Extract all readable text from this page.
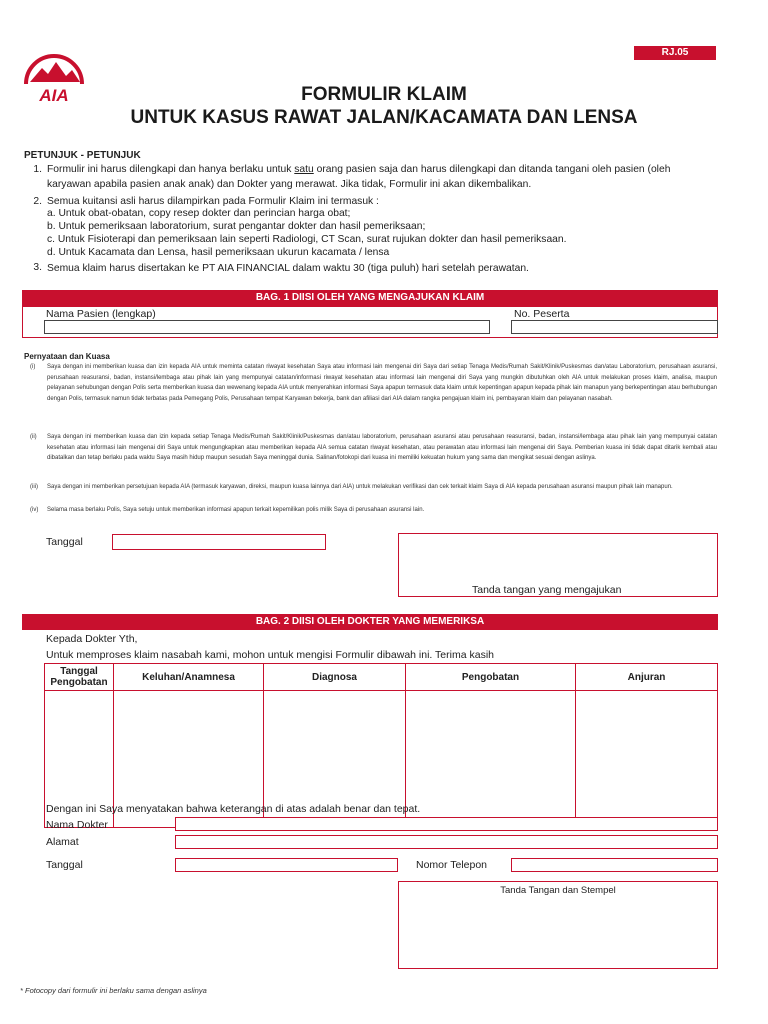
AIA
RJ.05
FORMULIR KLAIM
UNTUK KASUS RAWAT JALAN/KACAMATA DAN LENSA
PETUNJUK - PETUNJUK
1. Formulir ini harus dilengkapi dan hanya berlaku untuk satu orang pasien saja dan harus dilengkapi dan ditanda tangani oleh pasien (oleh
karyawan apabila pasien anak anak) dan Dokter yang merawat. Jika tidak, Formulir ini akan dikembalikan.
2. Semua kuitansi asli harus dilampirkan pada Formulir Klaim ini termasuk :
a. Untuk obat-obatan, copy resep dokter dan perincian harga obat;
b. Untuk pemeriksaan laboratorium, surat pengantar dokter dan hasil pemeriksaan;
c. Untuk Fisioterapi dan pemeriksaan lain seperti Radiologi, CT Scan, surat rujukan dokter dan hasil pemeriksaan.
d. Untuk Kacamata dan Lensa, hasil pemeriksaan ukurun kacamata / lensa
3. Semua klaim harus disertakan ke PT AIA FINANCIAL dalam waktu 30 (tiga puluh) hari setelah perawatan.
BAG. 1 DIISI OLEH YANG MENGAJUKAN KLAIM
Nama Pasien (lengkap)	No. Peserta
Pernyataan dan Kuasa
(i) Saya dengan ini memberikan kuasa dan izin kepada AIA untuk meminta catatan riwayat kesehatan Saya atau informasi lain mengenai diri Saya dari setiap Tenaga Medis/Rumah Sakit/Klinik/Puskesmas dan/atau Laboratorium, perusahaan asuransi, perusahaan reasuransi, badan, instansi/lembaga atau pihak lain yang mempunyai catatan/informasi riwayat kesehatan atau informasi lain mengenai diri Saya yang mungkin dibutuhkan oleh AIA untuk melakukan proses klaim, analisa, maupun pelayanan sehubungan dengan Polis serta memberikan kuasa dan wewenang kepada AIA untuk menyerahkan informasi Saya apapun termasuk data klaim untuk kepentingan apapun kepada pihak lain manapun yang berkepentingan atau berhubungan dengan Polis, termasuk namun tidak terbatas pada Pemegang Polis, Perusahaan tempat Karyawan bekerja, bank dan afiliasi dari AIA dalam rangka pengajuan klaim ini, pembayaran klaim dan pelayanan nasabah.
(ii) Saya dengan ini memberikan kuasa dan izin kepada setiap Tenaga Medis/Rumah Sakit/Klinik/Puskesmas dan/atau laboratorium, perusahaan asuransi atau perusahaan reasuransi, badan, instansi/lembaga atau pihak lain yang mempunyai catatan kesehatan atau informasi lain mengenai diri Saya untuk mengungkapkan atau memberikan kepada AIA semua catatan riwayat kesehatan, atau perawatan atau informasi lain mengenai diri Saya. Pemberian kuasa ini tidak dapat ditarik kembali atau dibatalkan dan tetap berlaku pada waktu Saya masih hidup maupun sesudah Saya meninggal dunia. Salinan/fotokopi dari kuasa ini memiliki kekuatan hukum yang sama dan mengikat sesuai dengan aslinya.
(iii) Saya dengan ini memberikan persetujuan kepada AIA (termasuk karyawan, direksi, maupun kuasa lainnya dari AIA) untuk melakukan verifikasi dan cek terkait klaim Saya di AIA kepada perusahaan asuransi maupun pihak lain manapun.
(iv) Selama masa berlaku Polis, Saya setuju untuk memberikan informasi apapun terkait kepemilikan polis milik Saya di perusahaan asuransi lain.
Tanggal
Tanda tangan yang mengajukan
BAG. 2 DIISI OLEH DOKTER YANG MEMERIKSA
Kepada Dokter Yth,
Untuk memproses klaim nasabah kami, mohon untuk mengisi Formulir dibawah ini. Terima kasih
Tanggal Pengobatan	Keluhan/Anamnesa	Diagnosa	Pengobatan	Anjuran

Dengan ini Saya menyatakan bahwa keterangan di atas adalah benar dan tepat.
Nama Dokter
Alamat
Tanggal	Nomor Telepon
Tanda Tangan dan Stempel
* Fotocopy dari formulir ini berlaku sama dengan aslinya
